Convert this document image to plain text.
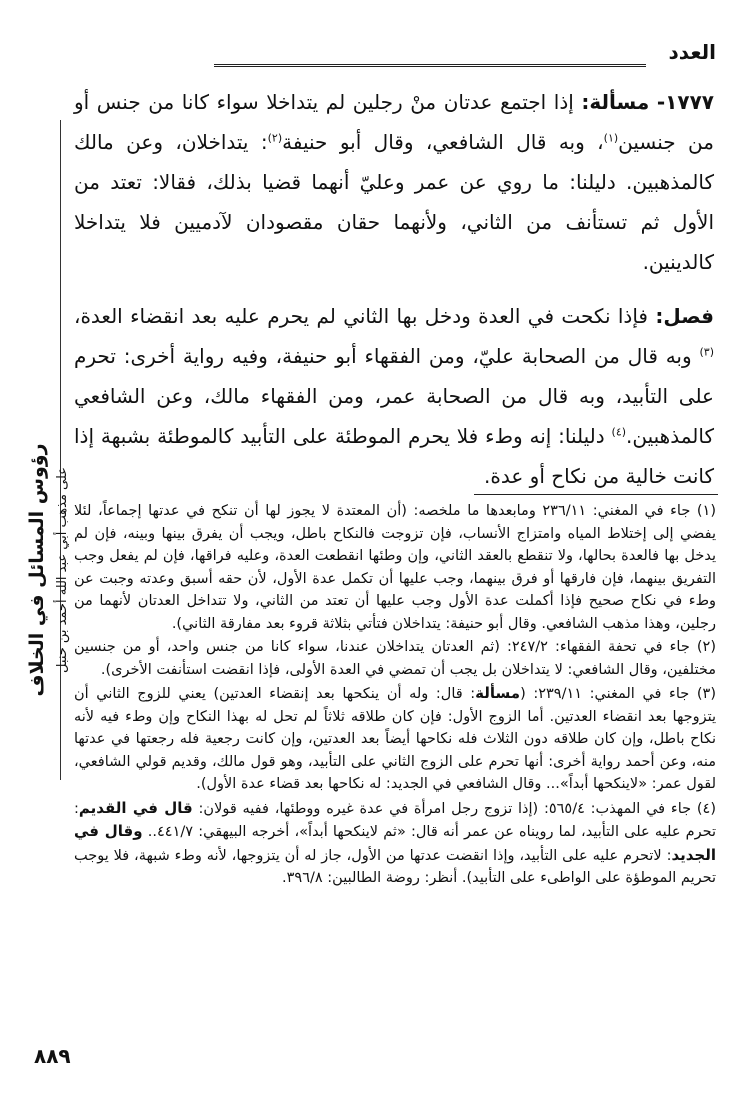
العدد

١٧٧٧- مسألة: إذا اجتمع عدتان منْ رجلين لم يتداخلا سواء كانا من جنس أو من جنسين$^{(١)}$، وبه قال الشافعي، وقال أبو حنيفة$^{(٢)}$: يتداخلان، وعن مالك كالمذهبين. دليلنا: ما روي عن عمر وعليّ أنهما قضيا بذلك، فقالا: تعتد من الأول ثم تستأنف من الثاني، ولأنهما حقان مقصودان لآدميين فلا يتداخلا كالدينين.

فصل: فإذا نكحت في العدة ودخل بها الثاني لم يحرم عليه بعد انقضاء العدة،$^{(٣)}$ وبه قال من الصحابة عليّ، ومن الفقهاء أبو حنيفة، وفيه رواية أخرى: تحرم على التأبيد، وبه قال من الصحابة عمر، ومن الفقهاء مالك، وعن الشافعي كالمذهبين.$^{(٤)}$ دليلنا: إنه وطء فلا يحرم الموطئة على التأبيد كالموطئة بشبهة إذا كانت خالية من نكاح أو عدة.

(١) جاء في المغني: ٢٣٦/١١ ومابعدها ما ملخصه: (أن المعتدة لا يجوز لها أن تنكح في عدتها إجماعاً، لئلا يفضي إلى إختلاط المياه وامتزاج الأنساب، فإن تزوجت فالنكاح باطل، ويجب أن يفرق بينها وبينه، فإن لم يدخل بها فالعدة بحالها، ولا تنقطع بالعقد الثاني، وإن وطئها انقطعت العدة، وعليه فراقها، فإن لم يفعل وجب التفريق بينهما، فإن فارقها أو فرق بينهما، وجب عليها أن تكمل عدة الأول، لأن حقه أسبق وعدته وجبت عن وطء في نكاح صحيح فإذا أكملت عدة الأول وجب عليها أن تعتد من الثاني، ولا تتداخل العدتان لأنهما من رجلين، وهذا مذهب الشافعي. وقال أبو حنيفة: يتداخلان فتأتي بثلاثة قروء بعد مفارقة الثاني).

(٢) جاء في تحفة الفقهاء: ٢٤٧/٢: (ثم العدتان يتداخلان عندنا، سواء كانا من جنس واحد، أو من جنسين مختلفين، وقال الشافعي: لا يتداخلان بل يجب أن تمضي في العدة الأولى، فإذا انقضت استأنفت الأخرى).

(٣) جاء في المغني: ٢٣٩/١١: (مسألة: قال: وله أن ينكحها بعد إنقضاء العدتين) يعني للزوج الثاني أن يتزوجها بعد انقضاء العدتين. أما الزوج الأول: فإن كان طلاقه ثلاثاً لم تحل له بهذا النكاح وإن وطء فيه لأنه نكاح باطل، وإن كان طلاقه دون الثلاث فله نكاحها أيضاً بعد العدتين، وإن كانت رجعية فله رجعتها في عدتها منه، وعن أحمد رواية أخرى: أنها تحرم على الزوج الثاني على التأبيد، وهو قول مالك، وقديم قولي الشافعي، لقول عمر: «لاينكحها أبداً»... وقال الشافعي في الجديد: له نكاحها بعد قضاء عدة الأول).

(٤) جاء في المهذب: ٥٦٥/٤: (إذا تزوج رجل امرأة في عدة غيره ووطئها، ففيه قولان: قال في القديم: تحرم عليه على التأبيد، لما رويناه عن عمر أنه قال: «ثم لاينكحها أبداً»، أخرجه البيهقي: ٤٤١/٧.. وقال في الجديد: لاتحرم عليه على التأبيد، وإذا انقضت عدتها من الأول، جاز له أن يتزوجها، لأنه وطء شبهة، فلا يوجب تحريم الموطؤة على الواطىء على التأبيد). أنظر: روضة الطالبين: ٣٩٦/٨.

رؤوس المسائل في الخلاف على مذهب أبي عبد الله أحمد بن حنبل
٨٨٩
